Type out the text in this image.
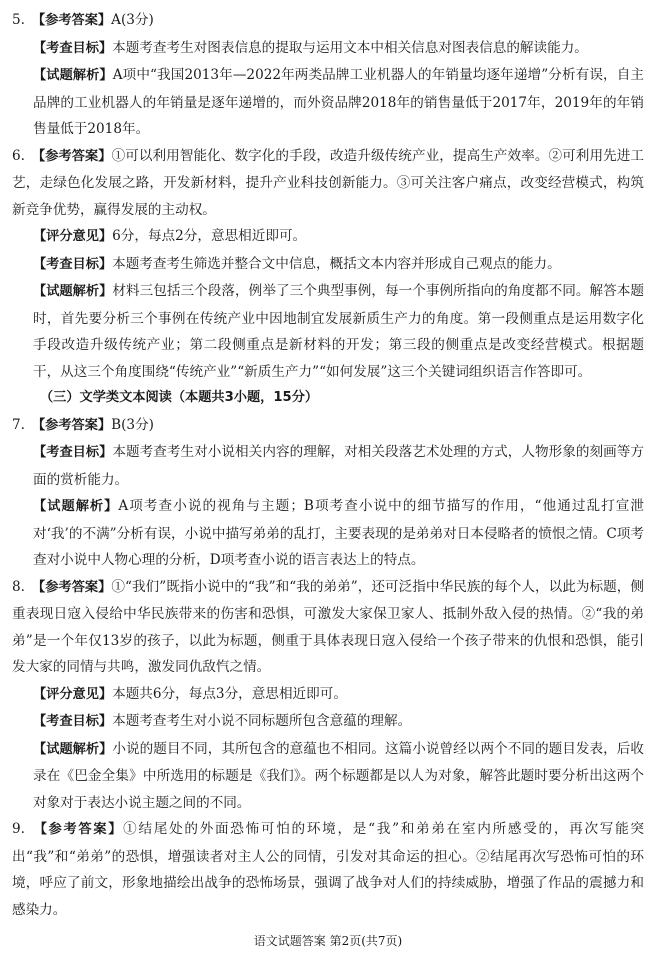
5. 【参考答案】A(3分)

【考查目标】本题考查考生对图表信息的提取与运用文本中相关信息对图表信息的解读能力。

【试题解析】A项中“我国2013年—2022年两类品牌工业机器人的年销量均逐年递增”分析有误，自主品牌的工业机器人的年销量是逐年递增的，而外资品牌2018年的销售量低于2017年，2019年的年销售量低于2018年。

6. 【参考答案】①可以利用智能化、数字化的手段，改造升级传统产业，提高生产效率。②可利用先进工艺，走绿色化发展之路，开发新材料，提升产业科技创新能力。③可关注客户痛点，改变经营模式，构筑新竞争优势，赢得发展的主动权。

【评分意见】6分，每点2分，意思相近即可。

【考查目标】本题考查考生筛选并整合文中信息，概括文本内容并形成自己观点的能力。

【试题解析】材料三包括三个段落，例举了三个典型事例，每一个事例所指向的角度都不同。解答本题时，首先要分析三个事例在传统产业中因地制宜发展新质生产力的角度。第一段侧重点是运用数字化手段改造升级传统产业；第二段侧重点是新材料的开发；第三段的侧重点是改变经营模式。根据题干，从这三个角度围绕“传统产业”“新质生产力”“如何发展”这三个关键词组织语言作答即可。

（三）文学类文本阅读（本题共3小题，15分）

7. 【参考答案】B(3分)

【考查目标】本题考查考生对小说相关内容的理解，对相关段落艺术处理的方式，人物形象的刻画等方面的赏析能力。

【试题解析】A项考查小说的视角与主题；B项考查小说中的细节描写的作用，“他通过乱打宣泄对‘我’的不满”分析有误，小说中描写弟弟的乱打，主要表现的是弟弟对日本侵略者的愤恨之情。C项考查对小说中人物心理的分析，D项考查小说的语言表达上的特点。

8. 【参考答案】①“我们”既指小说中的“我”和“我的弟弟”，还可泛指中华民族的每个人，以此为标题，侧重表现日寇入侵给中华民族带来的伤害和恐惧，可激发大家保卫家人、抵制外敌入侵的热情。②“我的弟弟”是一个年仅13岁的孩子，以此为标题，侧重于具体表现日寇入侵给一个孩子带来的仇恨和恐惧，能引发大家的同情与共鸣，激发同仇敌忾之情。

【评分意见】本题共6分，每点3分，意思相近即可。

【考查目标】本题考查考生对小说不同标题所包含意蕴的理解。

【试题解析】小说的题目不同，其所包含的意蕴也不相同。这篇小说曾经以两个不同的题目发表，后收录在《巴金全集》中所选用的标题是《我们》。两个标题都是以人为对象，解答此题时要分析出这两个对象对于表达小说主题之间的不同。

9. 【参考答案】①结尾处的外面恐怖可怕的环境，是“我”和弟弟在室内所感受的，再次写能突出“我”和“弟弟”的恐惧，增强读者对主人公的同情，引发对其命运的担心。②结尾再次写恐怖可怕的环境，呼应了前文，形象地描绘出战争的恐怖场景，强调了战争对人们的持续威胁，增强了作品的震撼力和感染力。

语文试题答案 第2页(共7页)
